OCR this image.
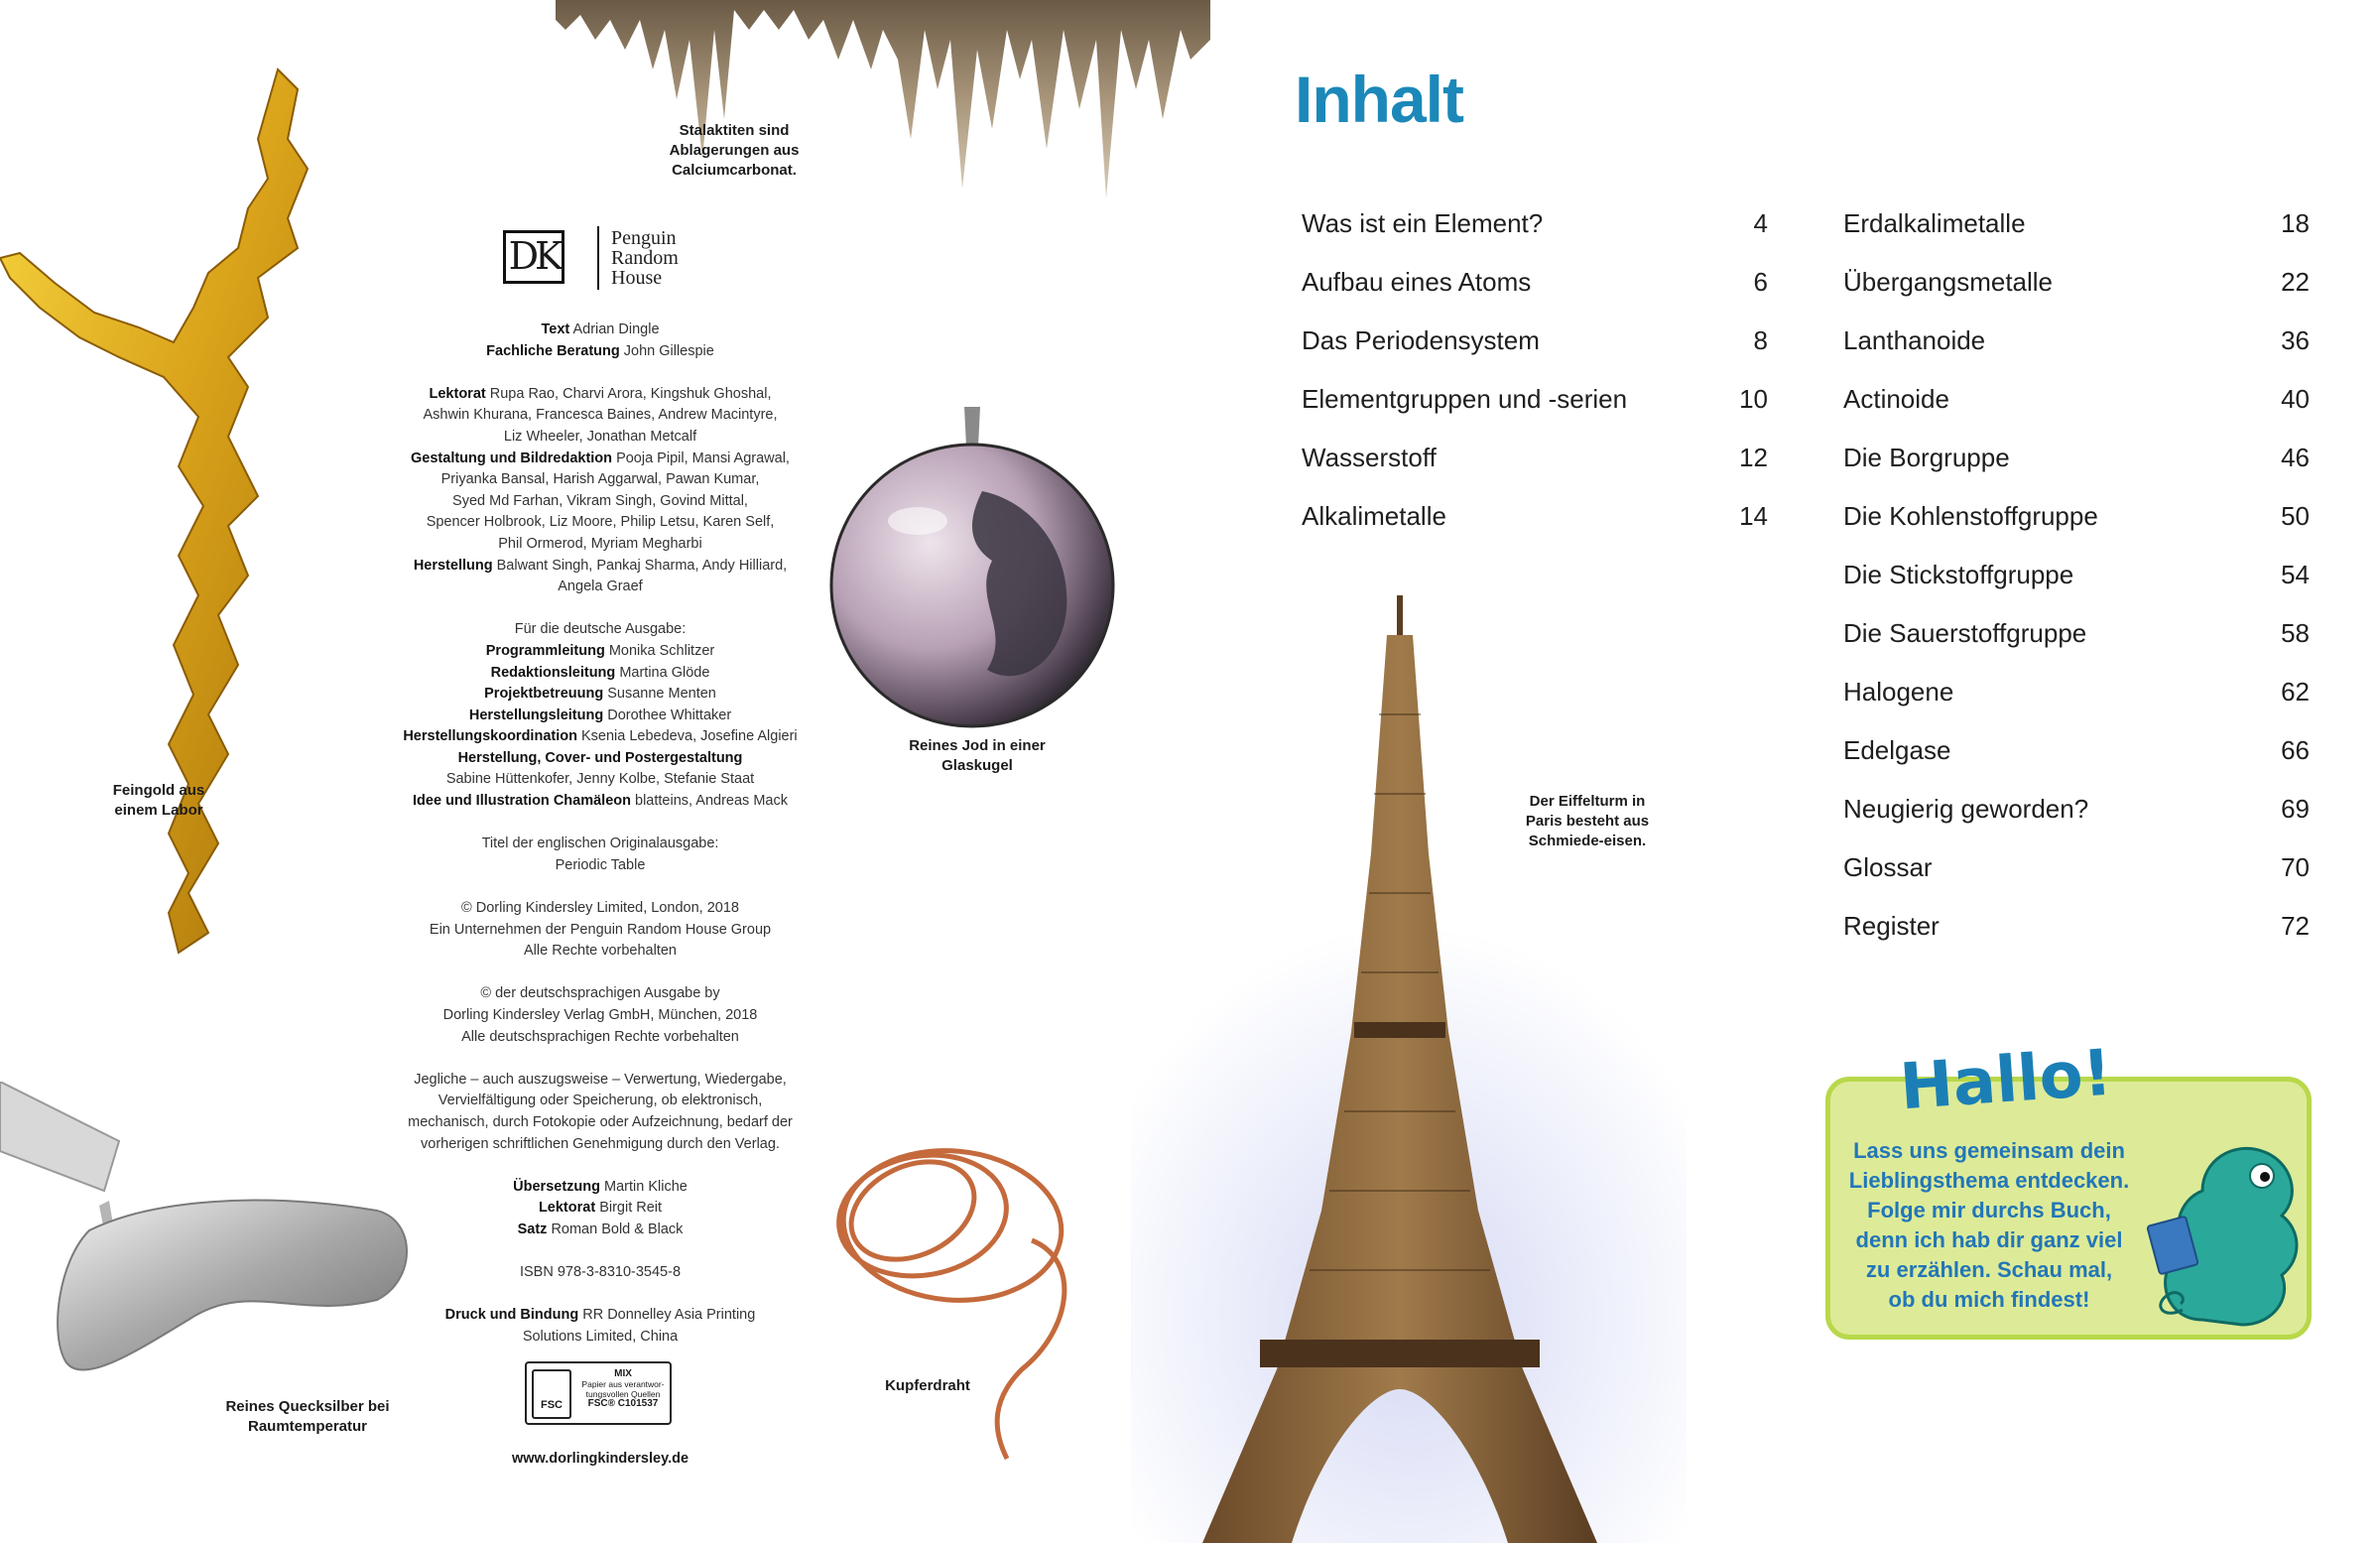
Stalaktiten sind Ablagerungen aus Calciumcarbonat.
Feingold aus einem Labor
Reines Quecksilber bei Raumtemperatur
DK	Penguin
Random
House

Text Adrian Dingle
Fachliche Beratung John Gillespie

Lektorat Rupa Rao, Charvi Arora, Kingshuk Ghoshal,
Ashwin Khurana, Francesca Baines, Andrew Macintyre,
Liz Wheeler, Jonathan Metcalf
Gestaltung und Bildredaktion Pooja Pipil, Mansi Agrawal,
Priyanka Bansal, Harish Aggarwal, Pawan Kumar,
Syed Md Farhan, Vikram Singh, Govind Mittal,
Spencer Holbrook, Liz Moore, Philip Letsu, Karen Self,
Phil Ormerod, Myriam Megharbi
Herstellung Balwant Singh, Pankaj Sharma, Andy Hilliard,
Angela Graef

Für die deutsche Ausgabe:
Programmleitung Monika Schlitzer
Redaktionsleitung Martina Glöde
Projektbetreuung Susanne Menten
Herstellungsleitung Dorothee Whittaker
Herstellungskoordination Ksenia Lebedeva, Josefine Algieri
Herstellung, Cover- und Postergestaltung
Sabine Hüttenkofer, Jenny Kolbe, Stefanie Staat
Idee und Illustration Chamäleon blatteins, Andreas Mack

Titel der englischen Originalausgabe:
Periodic Table

© Dorling Kindersley Limited, London, 2018
Ein Unternehmen der Penguin Random House Group
Alle Rechte vorbehalten

© der deutschsprachigen Ausgabe by
Dorling Kindersley Verlag GmbH, München, 2018
Alle deutschsprachigen Rechte vorbehalten

Jegliche – auch auszugsweise – Verwertung, Wiedergabe,
Vervielfältigung oder Speicherung, ob elektronisch,
mechanisch, durch Fotokopie oder Aufzeichnung, bedarf der
vorherigen schriftlichen Genehmigung durch den Verlag.

Übersetzung Martin Kliche
Lektorat Birgit Reit
Satz Roman Bold & Black

ISBN 978-3-8310-3545-8

Druck und Bindung RR Donnelley Asia Printing
Solutions Limited, China

FSC
MIX
Papier aus verantwor-
tungsvollen Quellen
FSC® C101537
www.dorlingkindersley.de
Reines Jod in einer Glaskugel
Kupferdraht
Der Eiffelturm in Paris besteht aus Schmiede-eisen.
Inhalt
Was ist ein Element?	4
Aufbau eines Atoms	6
Das Periodensystem	8
Elementgruppen und -serien	10
Wasserstoff	12
Alkalimetalle	14
Erdalkalimetalle	18
Übergangsmetalle	22
Lanthanoide	36
Actinoide	40
Die Borgruppe	46
Die Kohlenstoffgruppe	50
Die Stickstoffgruppe	54
Die Sauerstoffgruppe	58
Halogene	62
Edelgase	66
Neugierig geworden?	69
Glossar	70
Register	72
Hallo!
Lass uns gemeinsam dein
Lieblingsthema entdecken.
Folge mir durchs Buch,
denn ich hab dir ganz viel
zu erzählen. Schau mal,
ob du mich findest!
